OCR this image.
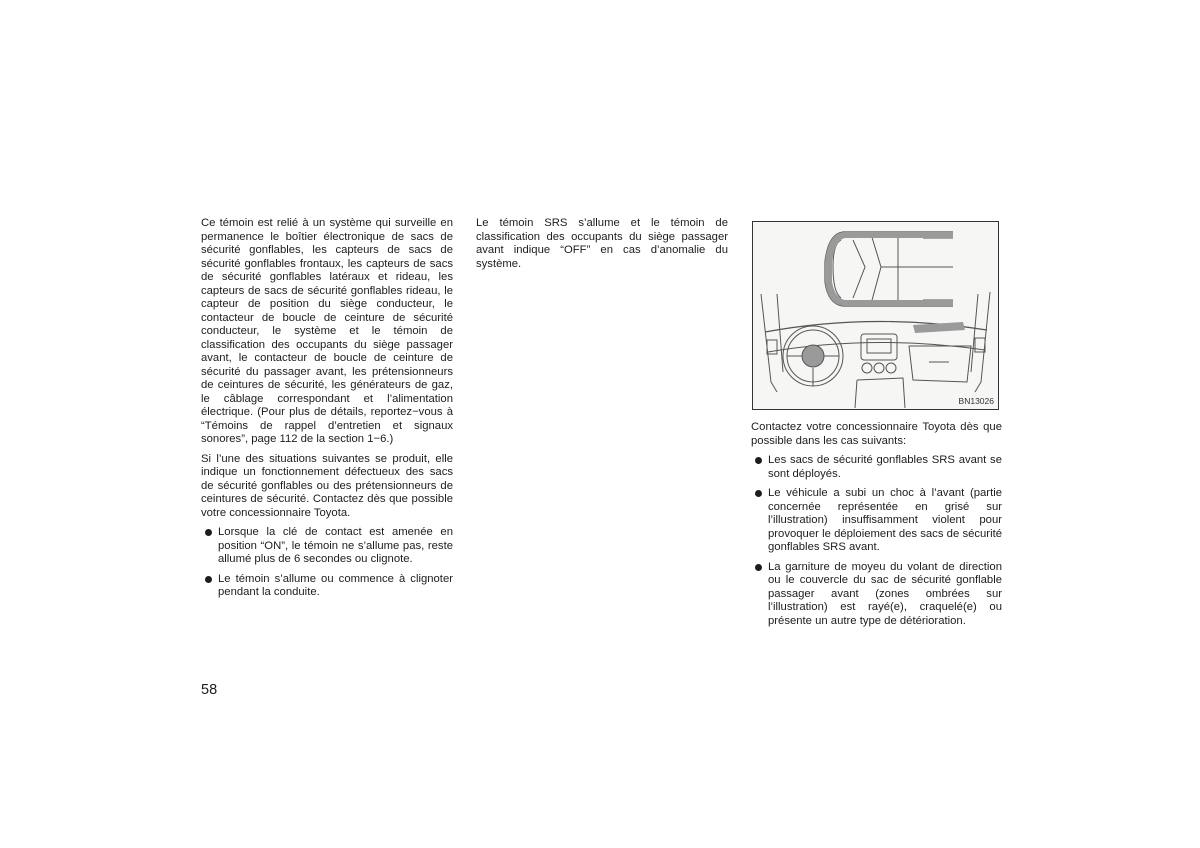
Ce témoin est relié à un système qui surveille en permanence le boîtier électronique de sacs de sécurité gonflables, les capteurs de sacs de sécurité gonflables frontaux, les capteurs de sacs de sécurité gonflables latéraux et rideau, les capteurs de sacs de sécurité gonflables rideau, le capteur de position du siège conducteur, le contacteur de boucle de ceinture de sécurité conducteur, le système et le témoin de classification des occupants du siège passager avant, le contacteur de boucle de ceinture de sécurité du passager avant, les prétensionneurs de ceintures de sécurité, les générateurs de gaz, le câblage correspondant et l’alimentation électrique. (Pour plus de détails, reportez−vous à “Témoins de rappel d’entretien et signaux sonores”, page 112 de la section 1−6.)

Si l’une des situations suivantes se produit, elle indique un fonctionnement défectueux des sacs de sécurité gonflables ou des prétensionneurs de ceintures de sécurité. Contactez dès que possible votre concessionnaire Toyota.

Lorsque la clé de contact est amenée en position “ON”, le témoin ne s’allume pas, reste allumé plus de 6 secondes ou clignote.
Le témoin s’allume ou commence à clignoter pendant la conduite.

Le témoin SRS s’allume et le témoin de classification des occupants du siège passager avant indique “OFF” en cas d’anomalie du système.

BN13026

Contactez votre concessionnaire Toyota dès que possible dans les cas suivants:

Les sacs de sécurité gonflables SRS avant se sont déployés.
Le véhicule a subi un choc à l’avant (partie concernée représentée en grisé sur l’illustration) insuffisamment violent pour provoquer le déploiement des sacs de sécurité gonflables SRS avant.
La garniture de moyeu du volant de direction ou le couvercle du sac de sécurité gonflable passager avant (zones ombrées sur l’illustration) est rayé(e), craquelé(e) ou présente un autre type de détérioration.
58
